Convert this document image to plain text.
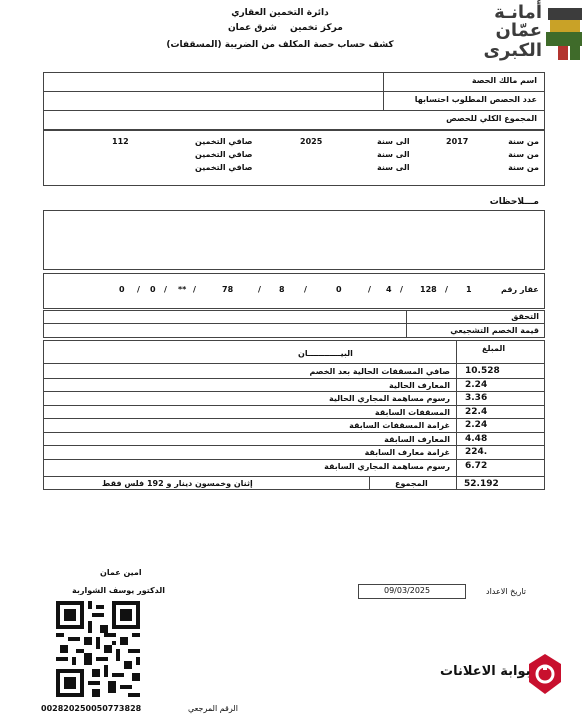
أمانـة
عمّان
الكبرى
دائرة التخمين العقاري
مركز تخمين
شرق عمان
كشف حساب حصة المكلف من الضريبة (المسقفات)
اسم مالك الحصة
عدد الحصص المطلوب احتسابها
المجموع الكلي للحصص
من سنة
2017
الى سنة
2025
صافي التخمين
112
من سنة
الى سنة
صافي التخمين
من سنة
الى سنة
صافي التخمين
مـــلاحظات
عقار رقم
1
/
128
/
4
/
0
/
8
/
78
/
**
/
0
/
0
التحقق
قيمة الخصم التشجيعي
المبلغ
البيــــــــــــان
10.528
صافي المسقفات الحالية بعد الخصم
2.24
المعارف الحالية
3.36
رسوم مساهمة المجاري الحالية
22.4
المسقفات السابقة
2.24
غرامة المسقفات السابقة
4.48
المعارف السابقة
224.
غرامة معارف السابقة
6.72
رسوم مساهمة المجاري السابقة
52.192
المجموع
إثنان وخمسون دينار و 192 فلس فقط
امين عمان
الدكتور يوسف الشواربة	تاريخ الاعداد
09/03/2025
الرقم المرجعي
00282025005077382‎8
بوابة الاعلانات
